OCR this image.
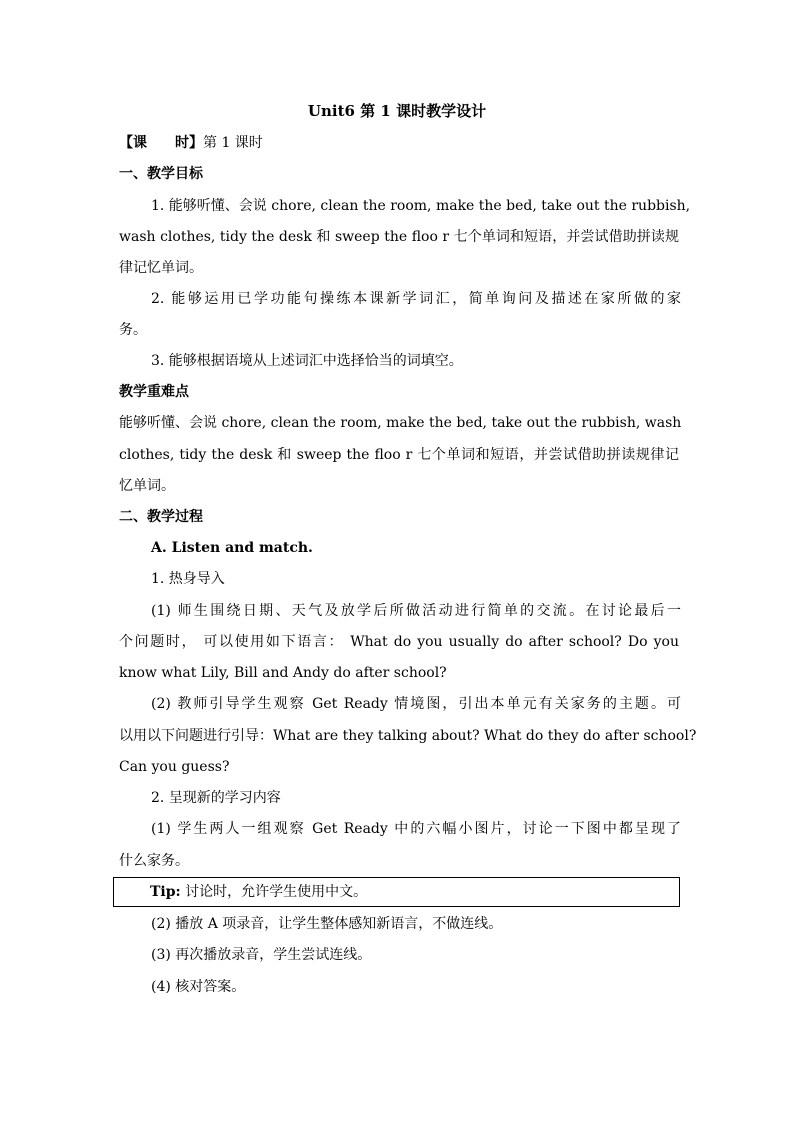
Unit6 第 1 课时教学设计
【课　　时】第 1 课时
一、教学目标
1. 能够听懂、会说 chore, clean the room, make the bed, take out the rubbish,
wash clothes, tidy the desk 和 sweep the floo r 七个单词和短语，并尝试借助拼读规
律记忆单词。
2. 能够运用已学功能句操练本课新学词汇，简单询问及描述在家所做的家
务。
3. 能够根据语境从上述词汇中选择恰当的词填空。
教学重难点
能够听懂、会说 chore, clean the room, make the bed, take out the rubbish, wash
clothes, tidy the desk 和 sweep the floo r 七个单词和短语，并尝试借助拼读规律记
忆单词。
二、教学过程
A. Listen and match.
1. 热身导入
(1) 师生围绕日期、天气及放学后所做活动进行简单的交流。在讨论最后一
个问题时， 可以使用如下语言： What do you usually do after school? Do you
know what Lily, Bill and Andy do after school?
(2) 教师引导学生观察 Get Ready 情境图，引出本单元有关家务的主题。可
以用以下问题进行引导：What are they talking about? What do they do after school?
Can you guess?
2. 呈现新的学习内容
(1) 学生两人一组观察 Get Ready 中的六幅小图片，讨论一下图中都呈现了
什么家务。
Tip: 讨论时，允许学生使用中文。
(2) 播放 A 项录音，让学生整体感知新语言，不做连线。
(3) 再次播放录音，学生尝试连线。
(4) 核对答案。
